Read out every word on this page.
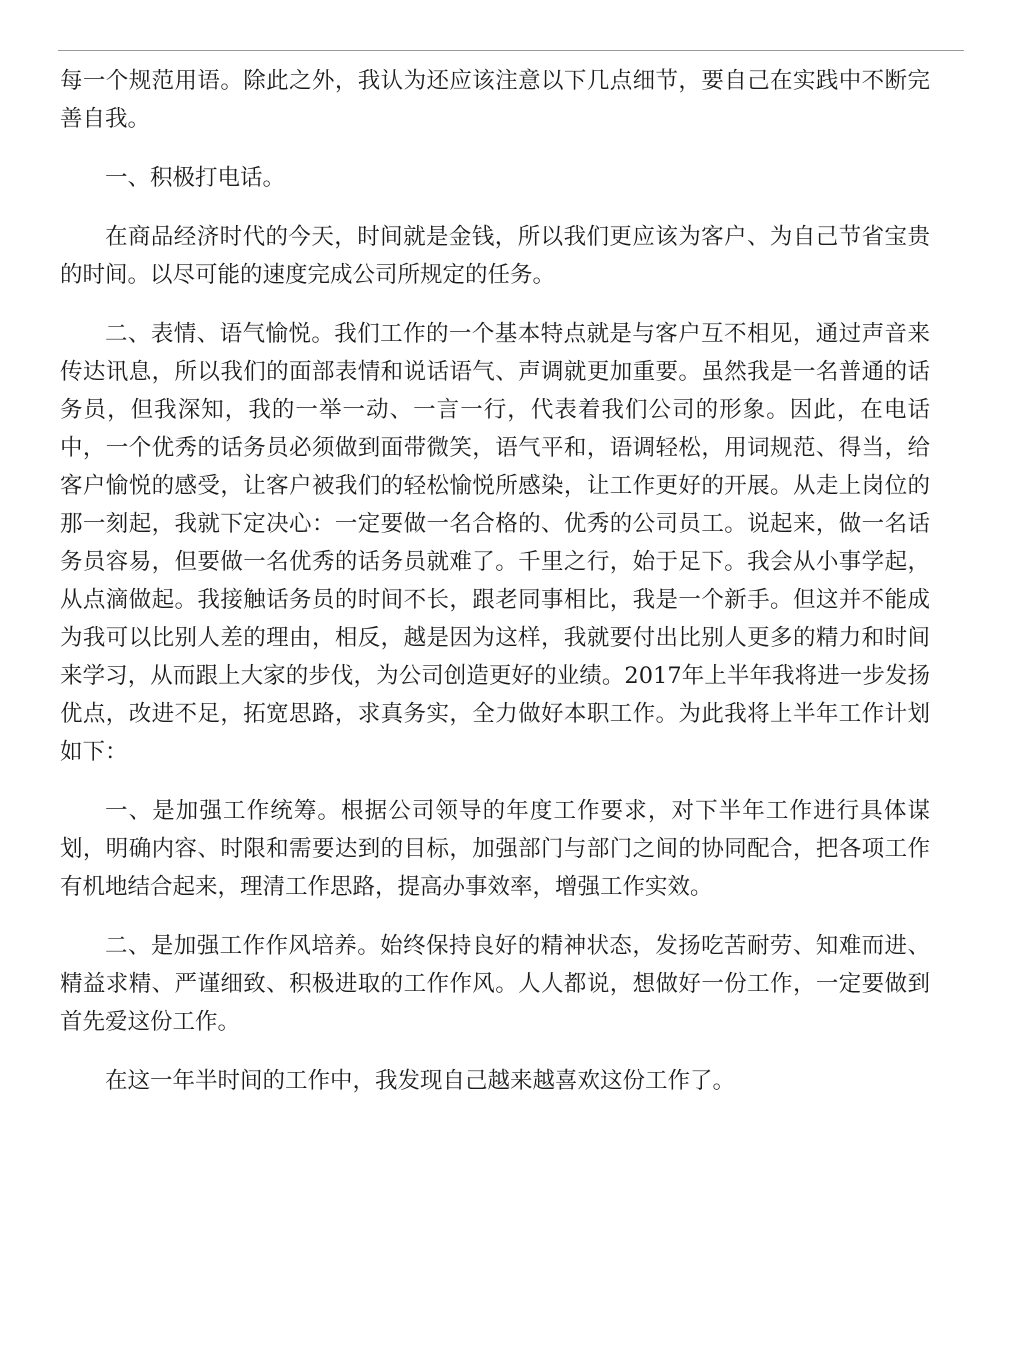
每一个规范用语。除此之外，我认为还应该注意以下几点细节，要自己在实践中不断完善自我。

一、积极打电话。

在商品经济时代的今天，时间就是金钱，所以我们更应该为客户、为自己节省宝贵的时间。以尽可能的速度完成公司所规定的任务。

二、表情、语气愉悦。我们工作的一个基本特点就是与客户互不相见，通过声音来传达讯息，所以我们的面部表情和说话语气、声调就更加重要。虽然我是一名普通的话务员，但我深知，我的一举一动、一言一行，代表着我们公司的形象。因此，在电话中，一个优秀的话务员必须做到面带微笑，语气平和，语调轻松，用词规范、得当，给客户愉悦的感受，让客户被我们的轻松愉悦所感染，让工作更好的开展。从走上岗位的那一刻起，我就下定决心：一定要做一名合格的、优秀的公司员工。说起来，做一名话务员容易，但要做一名优秀的话务员就难了。千里之行，始于足下。我会从小事学起，从点滴做起。我接触话务员的时间不长，跟老同事相比，我是一个新手。但这并不能成为我可以比别人差的理由，相反，越是因为这样，我就要付出比别人更多的精力和时间来学习，从而跟上大家的步伐，为公司创造更好的业绩。2017年上半年我将进一步发扬优点，改进不足，拓宽思路，求真务实，全力做好本职工作。为此我将上半年工作计划如下：

一、是加强工作统筹。根据公司领导的年度工作要求，对下半年工作进行具体谋划，明确内容、时限和需要达到的目标，加强部门与部门之间的协同配合，把各项工作有机地结合起来，理清工作思路，提高办事效率，增强工作实效。

二、是加强工作作风培养。始终保持良好的精神状态，发扬吃苦耐劳、知难而进、精益求精、严谨细致、积极进取的工作作风。人人都说，想做好一份工作，一定要做到首先爱这份工作。

在这一年半时间的工作中，我发现自己越来越喜欢这份工作了。
